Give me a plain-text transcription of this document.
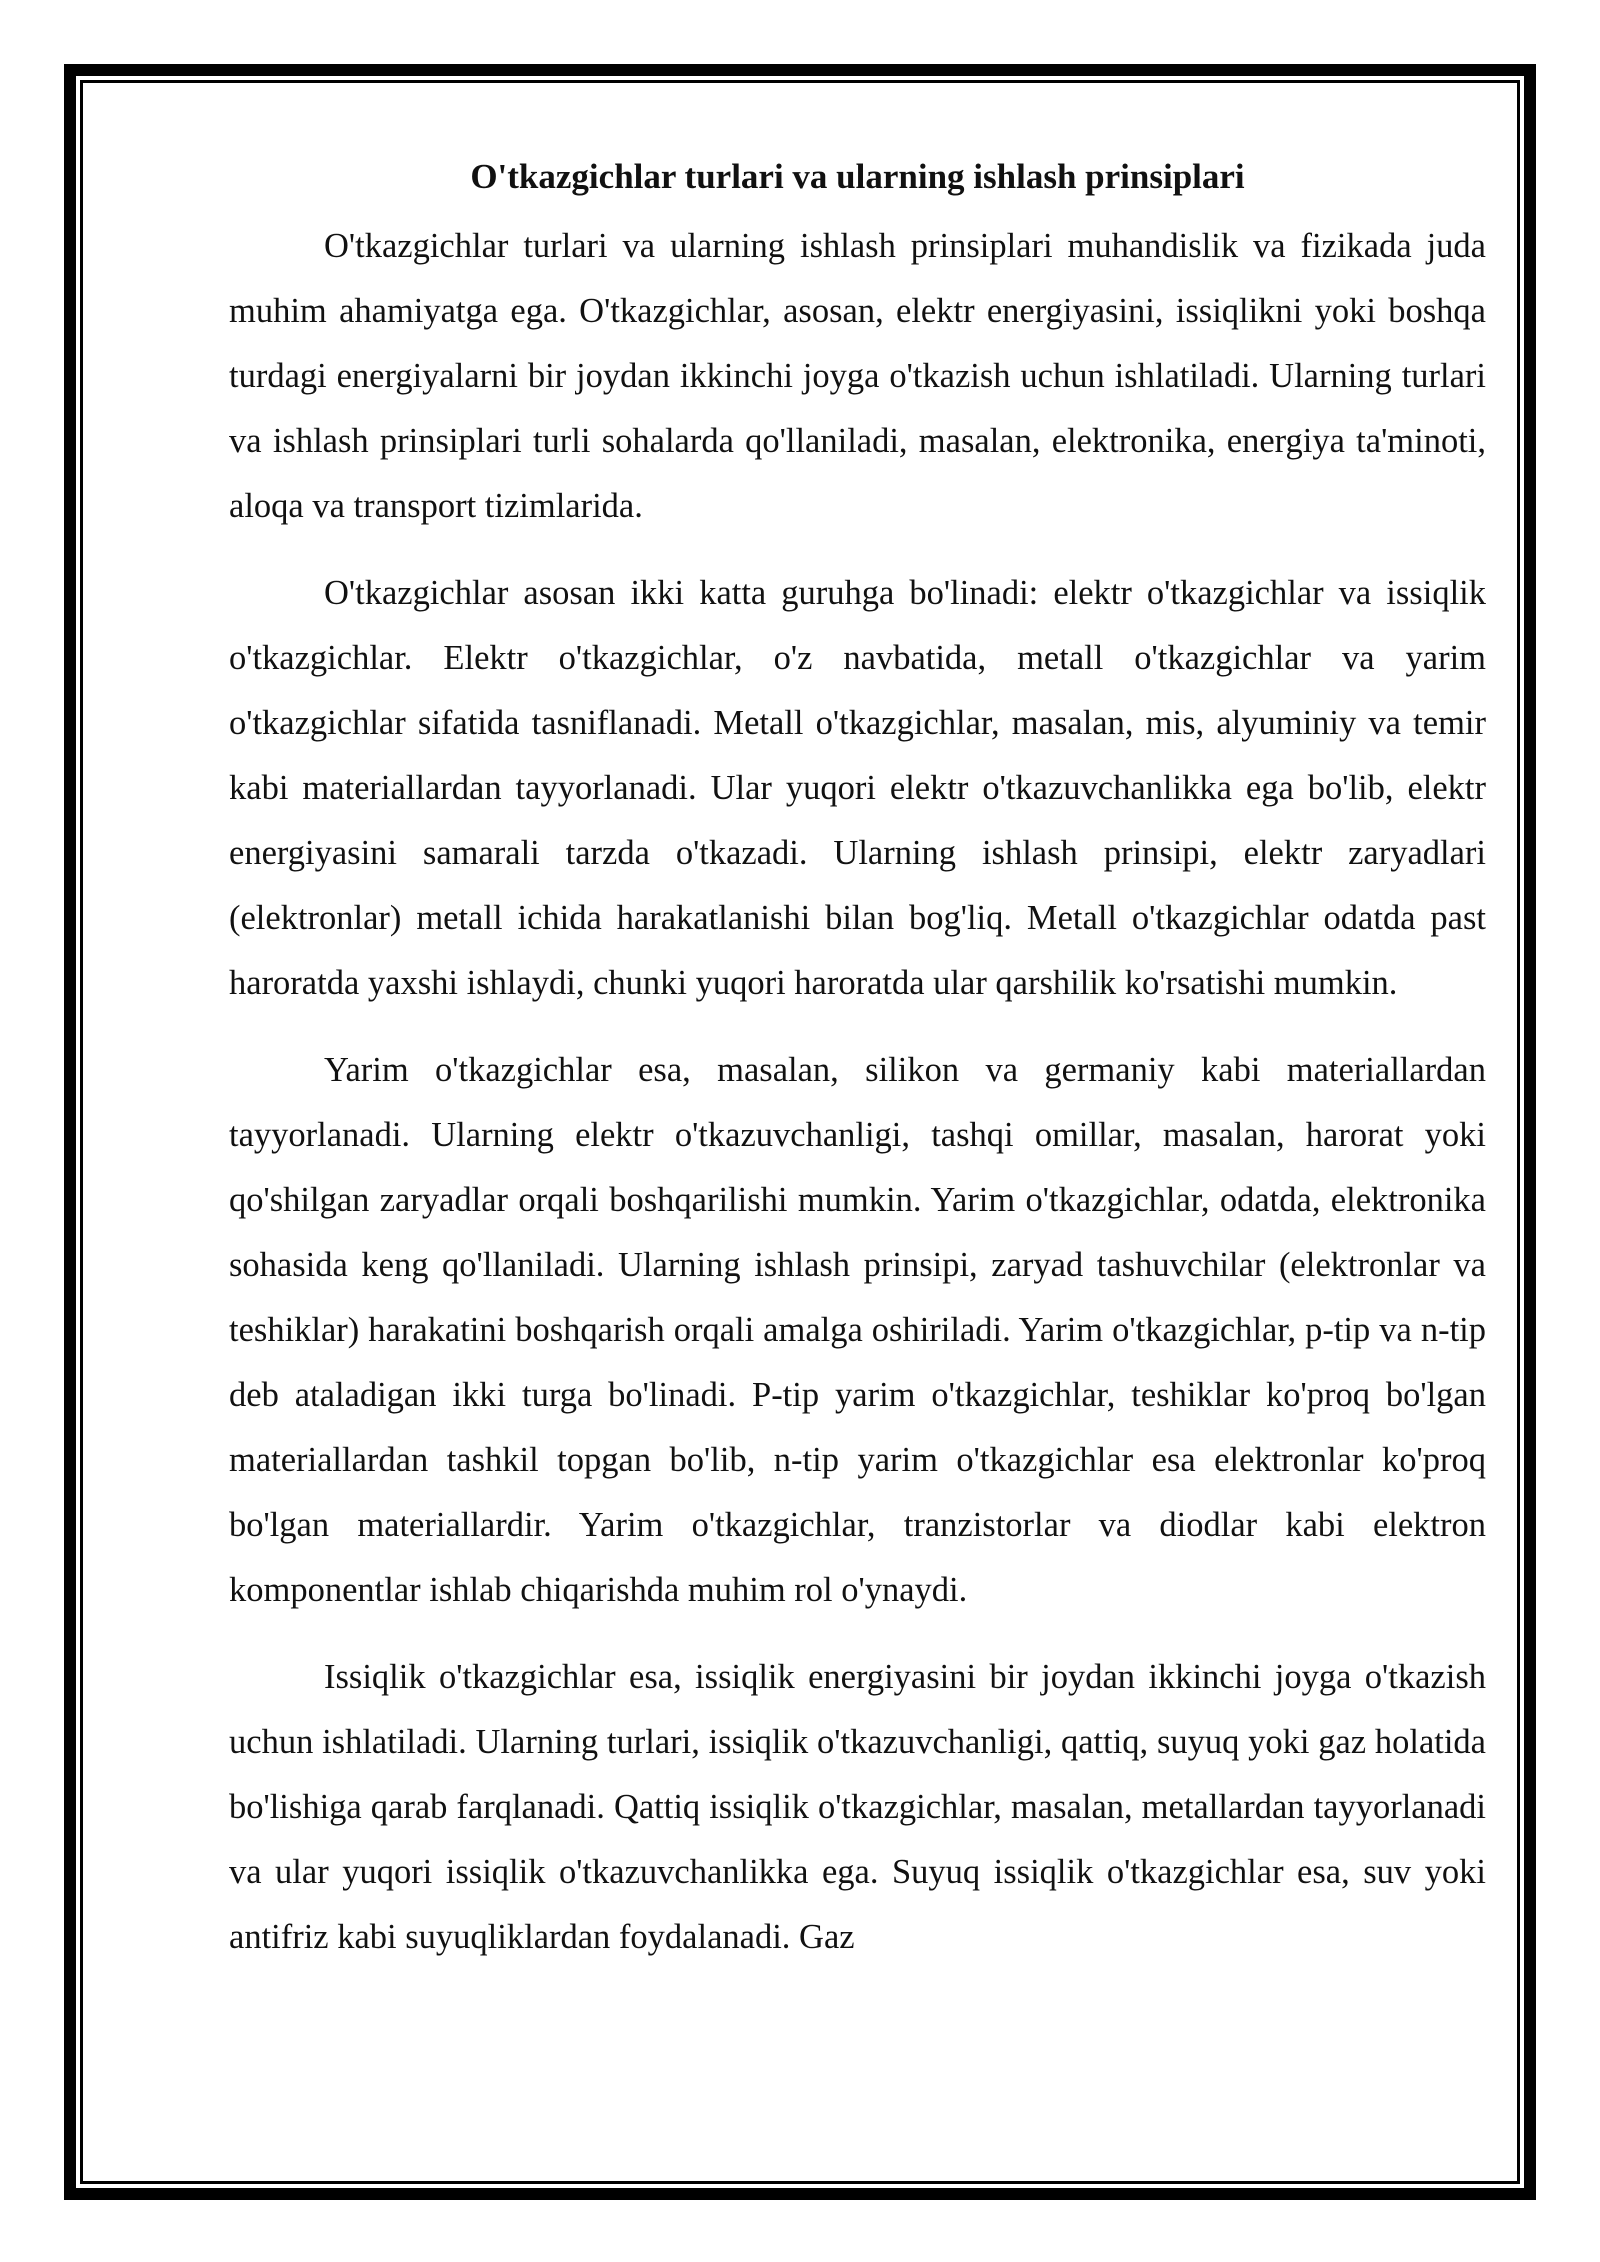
O'tkazgichlar turlari va ularning ishlash prinsiplari

O'tkazgichlar turlari va ularning ishlash prinsiplari muhandislik va fizikada juda muhim ahamiyatga ega. O'tkazgichlar, asosan, elektr energiyasini, issiqlikni yoki boshqa turdagi energiyalarni bir joydan ikkinchi joyga o'tkazish uchun ishlatiladi. Ularning turlari va ishlash prinsiplari turli sohalarda qo'llaniladi, masalan, elektronika, energiya ta'minoti, aloqa va transport tizimlarida.

O'tkazgichlar asosan ikki katta guruhga bo'linadi: elektr o'tkazgichlar va issiqlik o'tkazgichlar. Elektr o'tkazgichlar, o'z navbatida, metall o'tkazgichlar va yarim o'tkazgichlar sifatida tasniflanadi. Metall o'tkazgichlar, masalan, mis, alyuminiy va temir kabi materiallardan tayyorlanadi. Ular yuqori elektr o'tkazuvchanlikka ega bo'lib, elektr energiyasini samarali tarzda o'tkazadi. Ularning ishlash prinsipi, elektr zaryadlari (elektronlar) metall ichida harakatlanishi bilan bog'liq. Metall o'tkazgichlar odatda past haroratda yaxshi ishlaydi, chunki yuqori haroratda ular qarshilik ko'rsatishi mumkin.

Yarim o'tkazgichlar esa, masalan, silikon va germaniy kabi materiallardan tayyorlanadi. Ularning elektr o'tkazuvchanligi, tashqi omillar, masalan, harorat yoki qo'shilgan zaryadlar orqali boshqarilishi mumkin. Yarim o'tkazgichlar, odatda, elektronika sohasida keng qo'llaniladi. Ularning ishlash prinsipi, zaryad tashuvchilar (elektronlar va teshiklar) harakatini boshqarish orqali amalga oshiriladi. Yarim o'tkazgichlar, p-tip va n-tip deb ataladigan ikki turga bo'linadi. P-tip yarim o'tkazgichlar, teshiklar ko'proq bo'lgan materiallardan tashkil topgan bo'lib, n-tip yarim o'tkazgichlar esa elektronlar ko'proq bo'lgan materiallardir. Yarim o'tkazgichlar, tranzistorlar va diodlar kabi elektron komponentlar ishlab chiqarishda muhim rol o'ynaydi.

Issiqlik o'tkazgichlar esa, issiqlik energiyasini bir joydan ikkinchi joyga o'tkazish uchun ishlatiladi. Ularning turlari, issiqlik o'tkazuvchanligi, qattiq, suyuq yoki gaz holatida bo'lishiga qarab farqlanadi. Qattiq issiqlik o'tkazgichlar, masalan, metallardan tayyorlanadi va ular yuqori issiqlik o'tkazuvchanlikka ega. Suyuq issiqlik o'tkazgichlar esa, suv yoki antifriz kabi suyuqliklardan foydalanadi. Gaz
